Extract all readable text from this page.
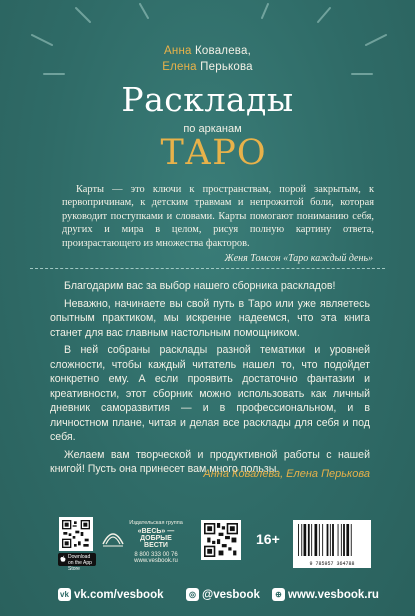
Анна Ковалева,
Елена Перькова
Расклады
по арканам
ТАРО

Карты — это ключи к пространствам, порой закрытым, к первопричинам, к детским травмам и непрожитой боли, которая руководит поступками и словами. Карты помогают пониманию себя, других и мира в целом, рисуя полную картину ответа, произрастающего из множества факторов.

Женя Томсон «Таро каждый день»

Благодарим вас за выбор нашего сборника раскладов!

Неважно, начинаете вы свой путь в Таро или уже являетесь опытным практиком, мы искренне надеемся, что эта книга станет для вас главным настольным помощником.

В ней собраны расклады разной тематики и уровней сложности, чтобы каждый читатель нашел то, что подойдет конкретно ему. А если проявить достаточно фантазии и креативности, этот сборник можно использовать как личный дневник саморазвития — и в профессиональном, и в личностном плане, читая и делая все расклады для себя и под себя.

Желаем вам творческой и продуктивной работы с нашей книгой! Пусть она принесет вам много пользы.

Анна Ковалева, Елена Перькова
Download on the App Store
Издательская группа
«ВЕСЬ» — ДОБРЫЕ ВЕСТИ
8 800 333 00 76
www.vesbook.ru
16+
9 785957 364788
vk vk.com/vesbook	◎ @vesbook	⊕ www.vesbook.ru
